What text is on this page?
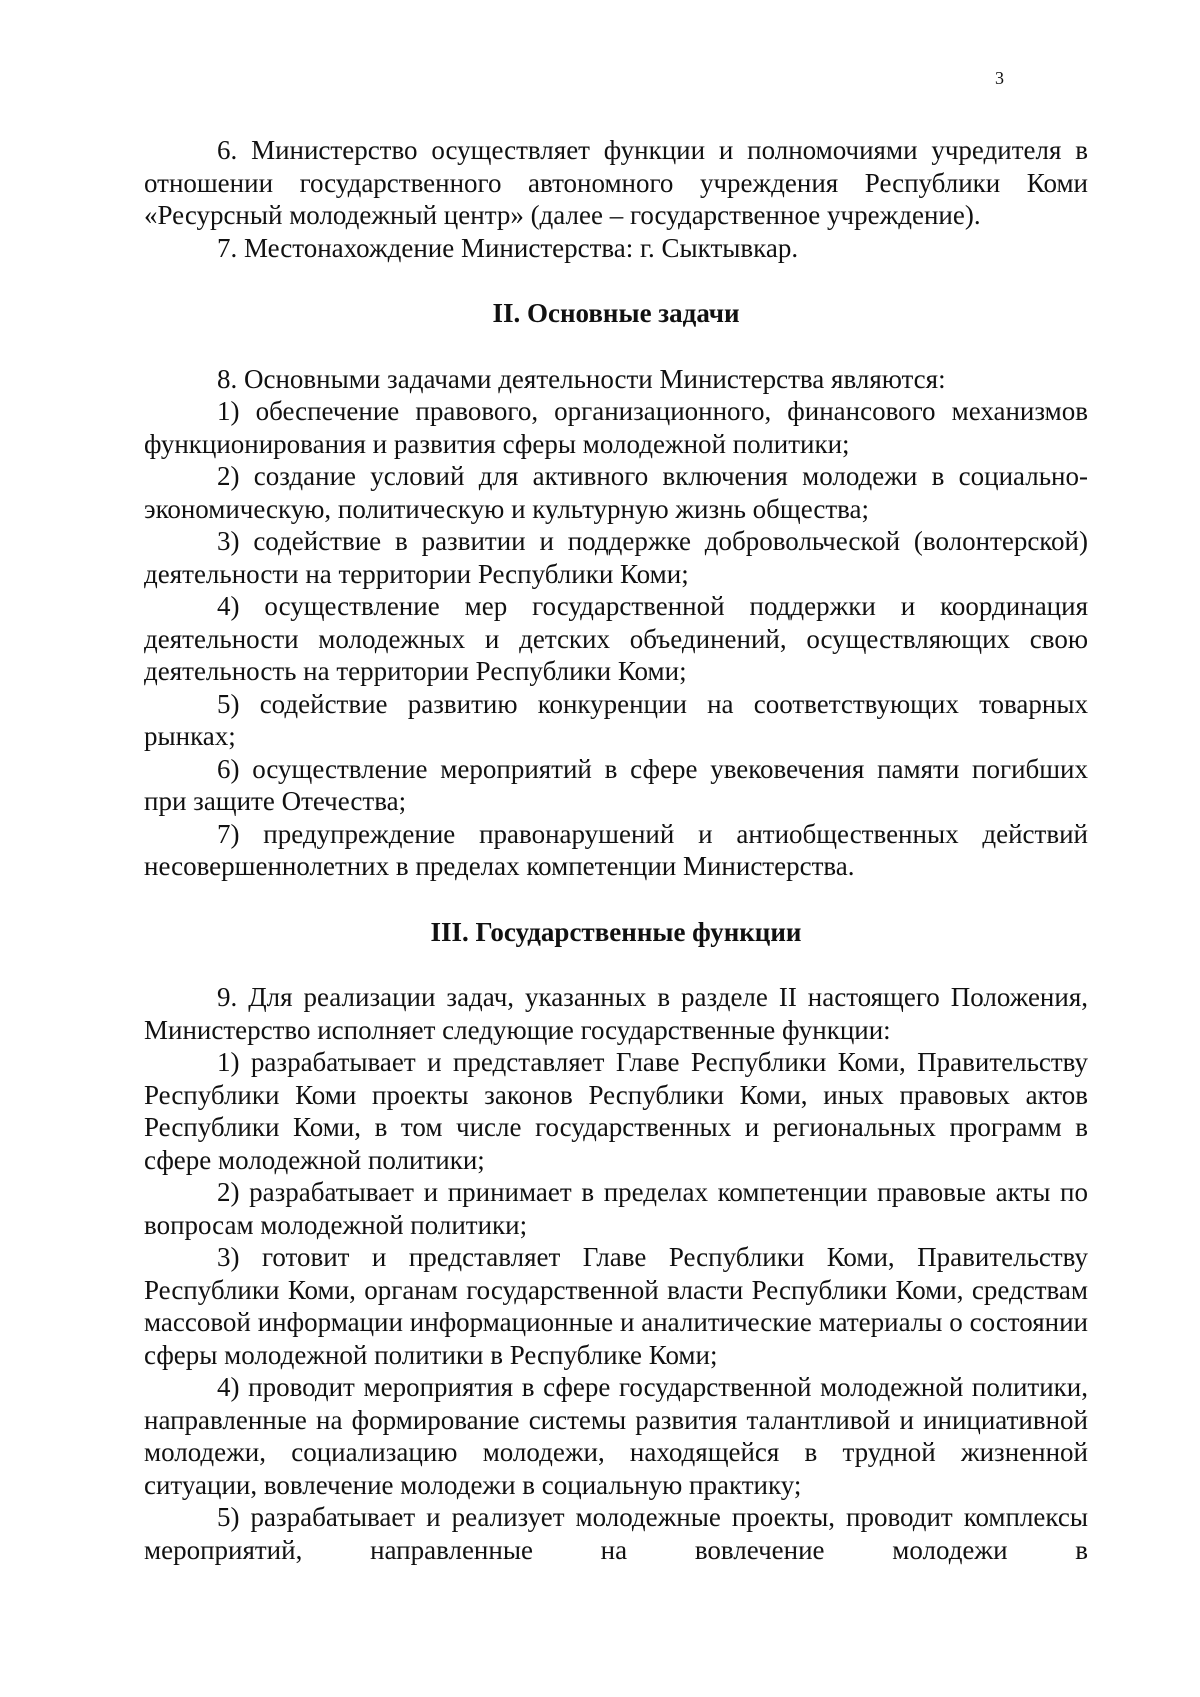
3

6. Министерство осуществляет функции и полномочиями учредителя в отношении государственного автономного учреждения Республики Коми «Ресурсный молодежный центр» (далее – государственное учреждение).

7. Местонахождение Министерства: г. Сыктывкар.

II. Основные задачи

8. Основными задачами деятельности Министерства являются:

1) обеспечение правового, организационного, финансового механизмов функционирования и развития сферы молодежной политики;

2) создание условий для активного включения молодежи в социально-экономическую, политическую и культурную жизнь общества;

3) содействие в развитии и поддержке добровольческой (волонтерской) деятельности на территории Республики Коми;

4) осуществление мер государственной поддержки и координация деятельности молодежных и детских объединений, осуществляющих свою деятельность на территории Республики Коми;

5) содействие развитию конкуренции на соответствующих товарных рынках;

6) осуществление мероприятий в сфере увековечения памяти погибших при защите Отечества;

7) предупреждение правонарушений и антиобщественных действий несовершеннолетних в пределах компетенции Министерства.

III. Государственные функции

9. Для реализации задач, указанных в разделе II настоящего Положения, Министерство исполняет следующие государственные функции:

1) разрабатывает и представляет Главе Республики Коми, Правительству Республики Коми проекты законов Республики Коми, иных правовых актов Республики Коми, в том числе государственных и региональных программ в сфере молодежной политики;

2) разрабатывает и принимает в пределах компетенции правовые акты по вопросам молодежной политики;

3) готовит и представляет Главе Республики Коми, Правительству Республики Коми, органам государственной власти Республики Коми, средствам массовой информации информационные и аналитические материалы о состоянии сферы молодежной политики в Республике Коми;

4) проводит мероприятия в сфере государственной молодежной политики, направленные на формирование системы развития талантливой и инициативной молодежи, социализацию молодежи, находящейся в трудной жизненной ситуации, вовлечение молодежи в социальную практику;

5) разрабатывает и реализует молодежные проекты, проводит комплексы мероприятий, направленные на вовлечение молодежи в
